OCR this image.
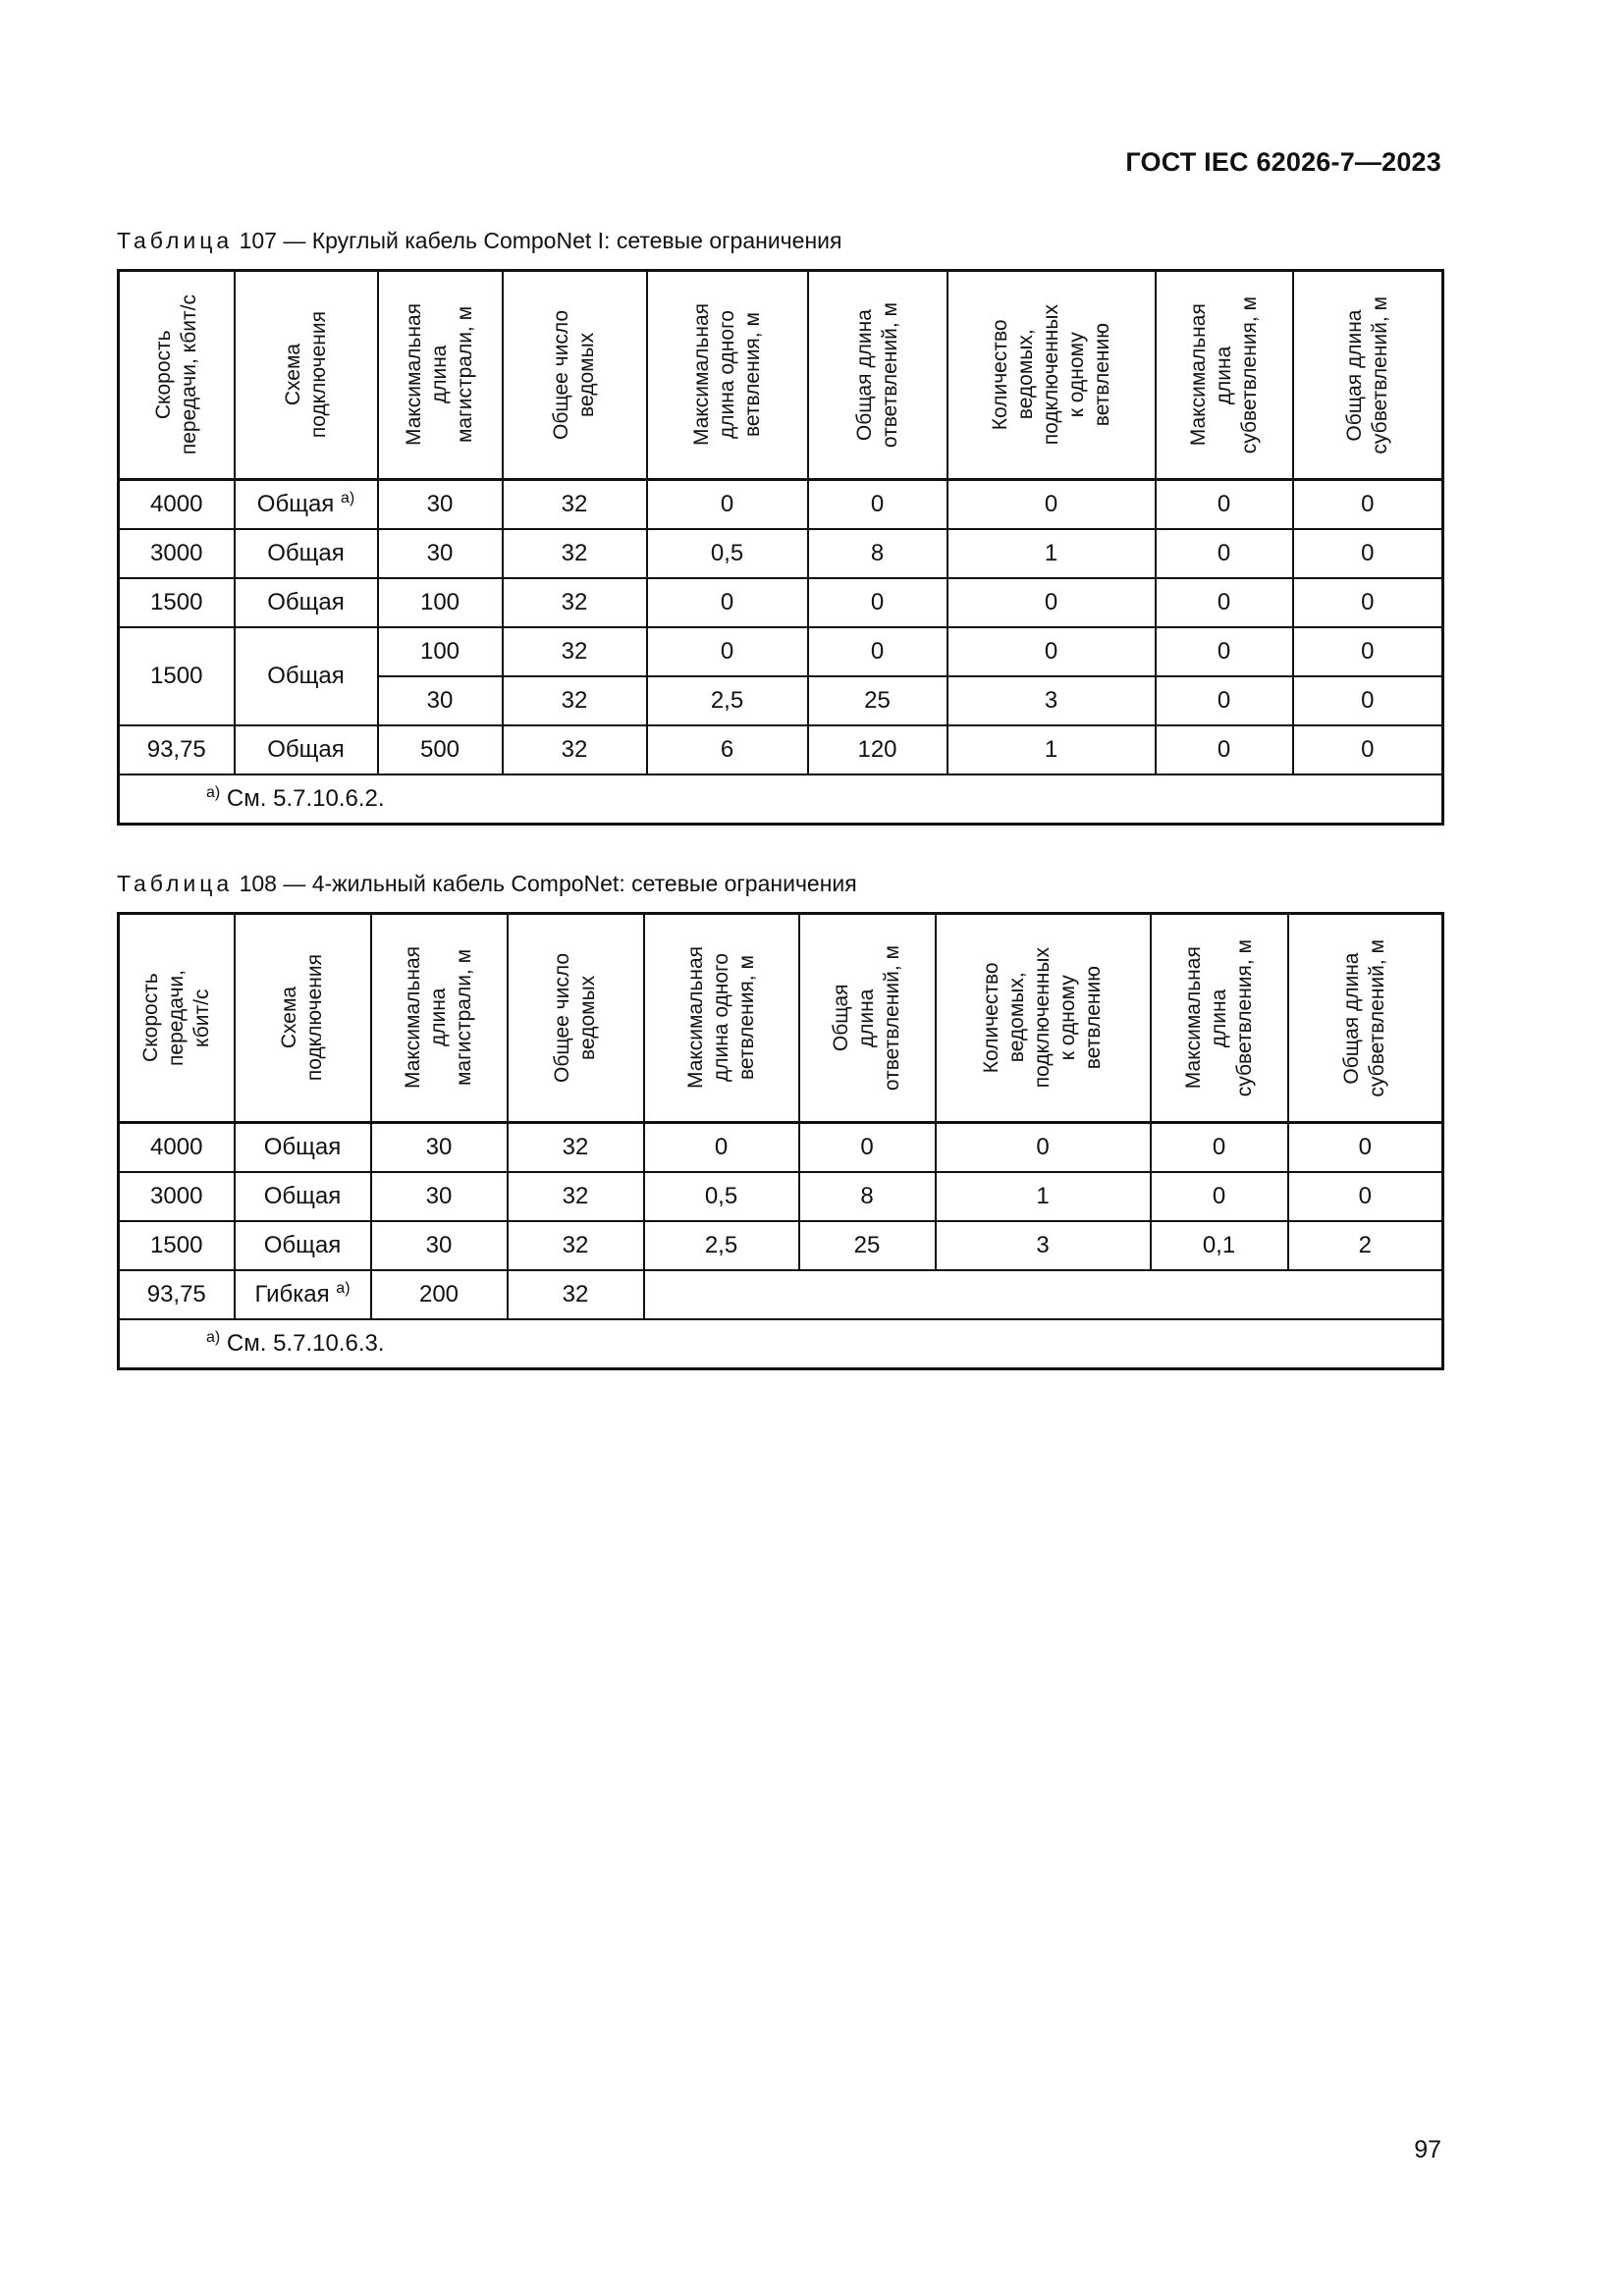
ГОСТ IEC 62026-7—2023
Таблица 107 — Круглый кабель CompoNet I: сетевые ограничения
Скорость
передачи, кбит/с	Схема
подключения	Максимальная
длина
магистрали, м	Общее число
ведомых	Максимальная
длина одного
ветвления, м	Общая длина
ответвлений, м	Количество
ведомых,
подключенных
к одному
ветвлению	Максимальная
длина
субветвления, м	Общая длина
субветвлений, м

4000	Общая $^{a)}$	30	32	0	0	0	0	0
3000	Общая	30	32	0,5	8	1	0	0
1500	Общая	100	32	0	0	0	0	0
1500	Общая	100	32	0	0	0	0	0
		30	32	2,5	25	3	0	0
93,75	Общая	500	32	6	120	1	0	0
$^{а)}$ См. 5.7.10.6.2.								
Таблица 108 — 4-жильный кабель CompoNet: сетевые ограничения
Скорость
передачи,
кбит/с	Схема
подключения	Максимальная
длина
магистрали, м	Общее число
ведомых	Максимальная
длина одного
ветвления, м	Общая
длина
ответвлений, м	Количество
ведомых,
подключенных
к одному
ветвлению	Максимальная
длина
субветвления, м	Общая длина
субветвлений, м

4000	Общая	30	32	0	0	0	0	0
3000	Общая	30	32	0,5	8	1	0	0
1500	Общая	30	32	2,5	25	3	0,1	2
93,75	Гибкая $^{a)}$	200	32					
$^{а)}$ См. 5.7.10.6.3.								
97
